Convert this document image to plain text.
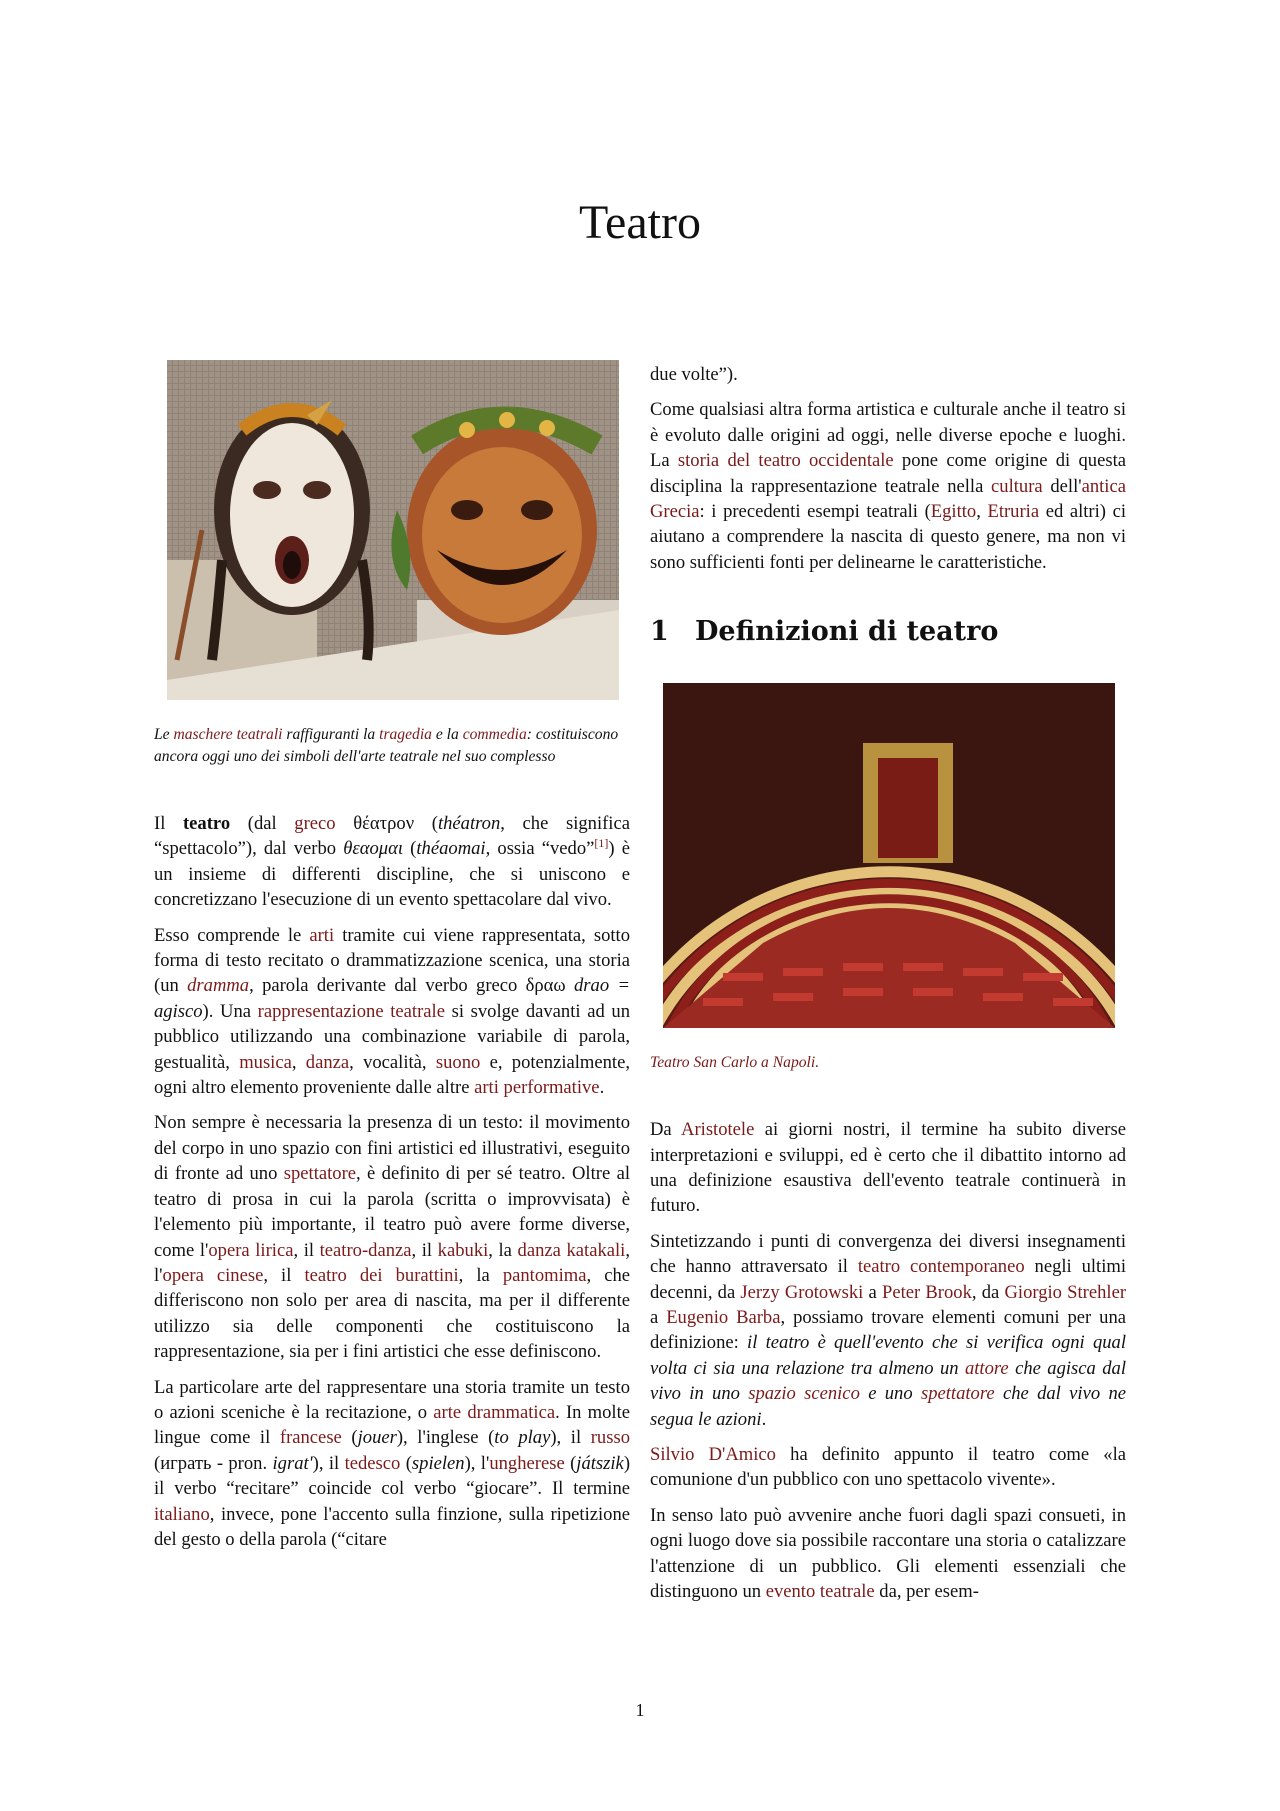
Teatro

Le maschere teatrali raffiguranti la tragedia e la commedia: costituiscono ancora oggi uno dei simboli dell'arte teatrale nel suo complesso

Il teatro (dal greco θέατρον (théatron, che significa “spettacolo”), dal verbo θεαομαι (théaomai, ossia “vedo”[1]) è un insieme di differenti discipline, che si uniscono e concretizzano l'esecuzione di un evento spettacolare dal vivo.

Esso comprende le arti tramite cui viene rappresentata, sotto forma di testo recitato o drammatizzazione scenica, una storia (un dramma, parola derivante dal verbo greco δραω drao = agisco). Una rappresentazione teatrale si svolge davanti ad un pubblico utilizzando una combinazione variabile di parola, gestualità, musica, danza, vocalità, suono e, potenzialmente, ogni altro elemento proveniente dalle altre arti performative.

Non sempre è necessaria la presenza di un testo: il movimento del corpo in uno spazio con fini artistici ed illustrativi, eseguito di fronte ad uno spettatore, è definito di per sé teatro. Oltre al teatro di prosa in cui la parola (scritta o improvvisata) è l'elemento più importante, il teatro può avere forme diverse, come l'opera lirica, il teatro-danza, il kabuki, la danza katakali, l'opera cinese, il teatro dei burattini, la pantomima, che differiscono non solo per area di nascita, ma per il differente utilizzo sia delle componenti che costituiscono la rappresentazione, sia per i fini artistici che esse definiscono.

La particolare arte del rappresentare una storia tramite un testo o azioni sceniche è la recitazione, o arte drammatica. In molte lingue come il francese (jouer), l'inglese (to play), il russo (играть - pron. igrat'), il tedesco (spielen), l'ungherese (játszik) il verbo “recitare” coincide col verbo “giocare”. Il termine italiano, invece, pone l'accento sulla finzione, sulla ripetizione del gesto o della parola (“citare

due volte”).

Come qualsiasi altra forma artistica e culturale anche il teatro si è evoluto dalle origini ad oggi, nelle diverse epoche e luoghi. La storia del teatro occidentale pone come origine di questa disciplina la rappresentazione teatrale nella cultura dell'antica Grecia: i precedenti esempi teatrali (Egitto, Etruria ed altri) ci aiutano a comprendere la nascita di questo genere, ma non vi sono sufficienti fonti per delinearne le caratteristiche.

1 Definizioni di teatro

Teatro San Carlo a Napoli.

Da Aristotele ai giorni nostri, il termine ha subito diverse interpretazioni e sviluppi, ed è certo che il dibattito intorno ad una definizione esaustiva dell'evento teatrale continuerà in futuro.

Sintetizzando i punti di convergenza dei diversi insegnamenti che hanno attraversato il teatro contemporaneo negli ultimi decenni, da Jerzy Grotowski a Peter Brook, da Giorgio Strehler a Eugenio Barba, possiamo trovare elementi comuni per una definizione: il teatro è quell'evento che si verifica ogni qual volta ci sia una relazione tra almeno un attore che agisca dal vivo in uno spazio scenico e uno spettatore che dal vivo ne segua le azioni.

Silvio D'Amico ha definito appunto il teatro come «la comunione d'un pubblico con uno spettacolo vivente».

In senso lato può avvenire anche fuori dagli spazi consueti, in ogni luogo dove sia possibile raccontare una storia o catalizzare l'attenzione di un pubblico. Gli elementi essenziali che distinguono un evento teatrale da, per esem-

1
